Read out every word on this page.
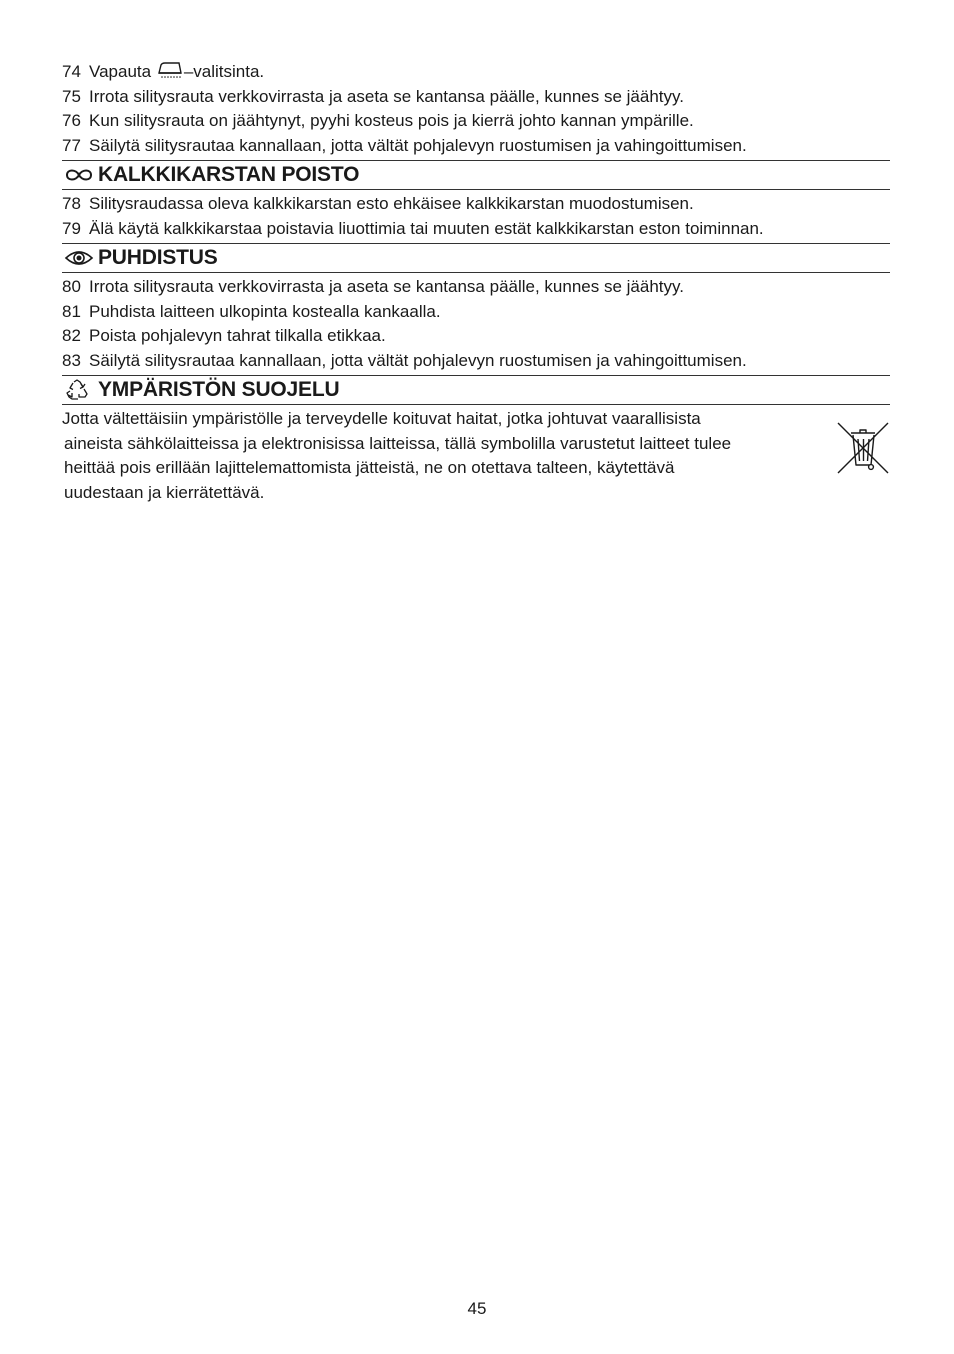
74 Vapauta –valitsinta.
75 Irrota silitysrauta verkkovirrasta ja aseta se kantansa päälle, kunnes se jäähtyy.
76 Kun silitysrauta on jäähtynyt, pyyhi kosteus pois ja kierrä johto kannan ympärille.
77 Säilytä silitysrautaa kannallaan, jotta vältät pohjalevyn ruostumisen ja vahingoittumisen.
KALKKIKARSTAN POISTO
78 Silitysraudassa oleva kalkkikarstan esto ehkäisee kalkkikarstan muodostumisen.
79 Älä käytä kalkkikarstaa poistavia liuottimia tai muuten estät kalkkikarstan eston toiminnan.
PUHDISTUS
80 Irrota silitysrauta verkkovirrasta ja aseta se kantansa päälle, kunnes se jäähtyy.
81 Puhdista laitteen ulkopinta kostealla kankaalla.
82 Poista pohjalevyn tahrat tilkalla etikkaa.
83 Säilytä silitysrautaa kannallaan, jotta vältät pohjalevyn ruostumisen ja vahingoittumisen.
YMPÄRISTÖN SUOJELU
Jotta vältettäisiin ympäristölle ja terveydelle koituvat haitat, jotka johtuvat vaarallisista
aineista sähkölaitteissa ja elektronisissa laitteissa, tällä symbolilla varustetut laitteet tulee
heittää pois erillään lajittelemattomista jätteistä, ne on otettava talteen, käytettävä
uudestaan ja kierrätettävä.
45
